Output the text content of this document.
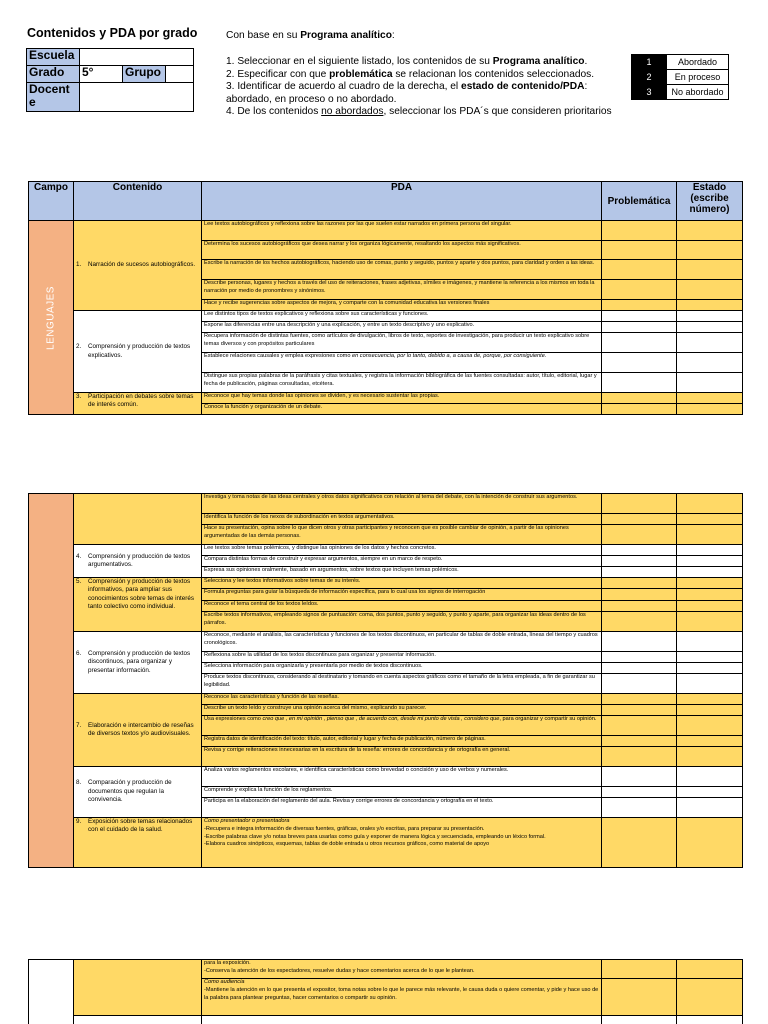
Contenidos y PDA por grado
Escuela			
Grado	5°	Grupo	
Docent e			

Con base en su Programa analítico:

1. Seleccionar en el siguiente listado, los contenidos de su Programa analítico.

2. Especificar con que problemática se relacionan los contenidos seleccionados.

3. Identificar de acuerdo al cuadro de la derecha, el estado de contenido/PDA:

abordado, en proceso o no abordado.

4. De los contenidos no abordados, seleccionar los PDA´s que consideren prioritarios

1	Abordado
2	En proceso
3	No abordado
Campo	Contenido	PDA	Problemática	Estado (escribe número)

LENGUAJES	1. Narración de sucesos autobiográficos.	Lee textos autobiográficos y reflexiona sobre las razones por las que suelen estar narrados en primera persona del singular.		
		Determina los sucesos autobiográficos que desea narrar y los organiza lógicamente, resaltando los aspectos más significativos.		
		Escribe la narración de los hechos autobiográficos, haciendo uso de comas, punto y seguido, puntos y aparte y dos puntos, para claridad y orden a las ideas.		
		Describe personas, lugares y hechos a través del uso de reiteraciones, frases adjetivas, símiles e imágenes, y mantiene la referencia a los mismos en toda la narración por medio de pronombres y sinónimos.		
		Hace y recibe sugerencias sobre aspectos de mejora, y comparte con la comunidad educativa las versiones finales		
	2. Comprensión y producción de textos explicativos.	Lee distintos tipos de textos explicativos y reflexiona sobre sus características y funciones.		
		Expone las diferencias entre una descripción y una explicación, y entre un texto descriptivo y uno explicativo.		
		Recupera información de distintas fuentes, como artículos de divulgación, libros de texto, reportes de investigación, para producir un texto explicativo sobre temas diversos y con propósitos particulares		
		Establece relaciones causales y emplea expresiones como en consecuencia, por lo tanto, debido a, a causa de, porque, por consiguiente.		
		Distingue sus propias palabras de la paráfrasis y citas textuales, y registra la información bibliográfica de las fuentes consultadas: autor, título, editorial, lugar y fecha de publicación, páginas consultadas, etcétera.		
	3. Participación en debates sobre temas de interés común.	Reconoce que hay temas donde las opiniones se dividen, y es necesario sustentar las propias.		
		Conoce la función y organización de un debate.		
		Investiga y toma notas de las ideas centrales y otros datos significativos con relación al tema del debate, con la intención de construir sus argumentos.		
		Identifica la función de los nexos de subordinación en textos argumentativos.		
		Hace su presentación, opina sobre lo que dicen otros y otras participantes y reconocen que es posible cambiar de opinión, a partir de las opiniones argumentadas de las demás personas.		
	4. Comprensión y producción de textos argumentativos.	Lee textos sobre temas polémicos, y distingue las opiniones de los datos y hechos concretos.		
		Compara distintas formas de construir y expresar argumentos, siempre en un marco de respeto.		
		Expresa sus opiniones oralmente, basado en argumentos, sobre textos que incluyen temas polémicos.		
	5. Comprensión y producción de textos informativos, para ampliar sus conocimientos sobre temas de interés tanto colectivo como individual.	Selecciona y lee textos informativos sobre temas de su interés.		
		Formula preguntas para guiar la búsqueda de información específica, para lo cual usa los signos de interrogación		
		Reconoce el tema central de los textos leídos.		
		Escribe textos informativos, empleando signos de puntuación: coma, dos puntos, punto y seguido, y punto y aparte, para organizar las ideas dentro de los párrafos.		
	6. Comprensión y producción de textos discontinuos, para organizar y presentar información.	Reconoce, mediante el análisis, las características y funciones de los textos discontinuos, en particular de tablas de doble entrada, líneas del tiempo y cuadros cronológicos.		
		Reflexiona sobre la utilidad de los textos discontinuos para organizar y presentar información.		
		Selecciona información para organizarla y presentarla por medio de textos discontinuos.		
		Produce textos discontinuos, considerando al destinatario y tomando en cuenta aspectos gráficos como el tamaño de la letra empleada, a fin de garantizar su legibilidad.		
	7. Elaboración e intercambio de reseñas de diversos textos y/o audiovisuales.	Reconoce las características y función de las reseñas.		
		Describe un texto leído y construye una opinión acerca del mismo, explicando su parecer.		
		Usa expresiones como creo que , en mi opinión , pienso que , de acuerdo con, desde mi punto de vista , considero que, para organizar y compartir su opinión.		
		Registra datos de identificación del texto: título, autor, editorial y lugar y fecha de publicación, número de páginas.		
		Revisa y corrige reiteraciones innecesarias en la escritura de la reseña: errores de concordancia y de ortografía en general.		
	8. Comparación y producción de documentos que regulan la convivencia.	Analiza varios reglamentos escolares, e identifica características como brevedad o concisión y uso de verbos y numerales.		
		Comprende y explica la función de los reglamentos.		
		Participa en la elaboración del reglamento del aula. Revisa y corrige errores de concordancia y ortografía en el texto.		
	9. Exposición sobre temas relacionados con el cuidado de la salud.	Como presentador o presentadora

-Recupera e integra información de diversas fuentes, gráficas, orales y/o escritas, para preparar su presentación.

-Escribe palabras clave y/o notas breves para usarlas como guía y exponer de manera lógica y secuenciada, empleando un léxico formal.

-Elabora cuadros sinópticos, esquemas, tablas de doble entrada u otros recursos gráficos, como material de apoyo		

		para la exposición.

-Conserva la atención de los espectadores, resuelve dudas y hace comentarios acerca de lo que le plantean.		

		Como audiencia

-Mantiene la atención en lo que presenta el expositor, toma notas sobre lo que le parece más relevante, le causa duda o quiere comentar, y pide y hace uso de la palabra para plantear preguntas, hacer comentarios o compartir su opinión.		
